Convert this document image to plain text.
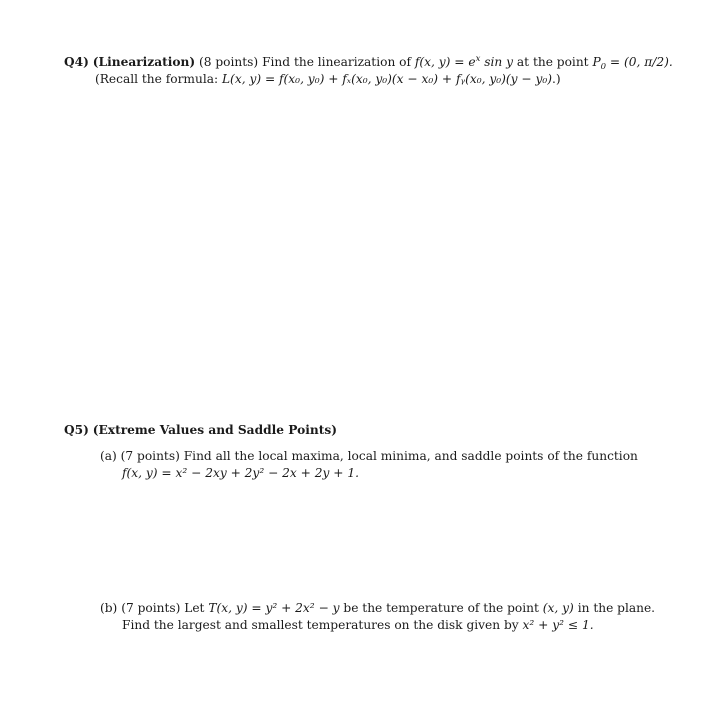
Q4) (Linearization) (8 points) Find the linearization of f(x, $y) = e^x$ sin y at the point $P_0 = (0$, π/2).
(Recall the formula: L(x, y) = f(x₀, y₀) + fₓ(x₀, y₀)(x − x₀) + fᵧ(x₀, y₀)(y − y₀).)
Q5) (Extreme Values and Saddle Points)
(a) (7 points) Find all the local maxima, local minima, and saddle points of the function
f(x, y) = x² − 2xy + 2y² − 2x + 2y + 1.
(b) (7 points) Let T(x, y) = y² + 2x² − y be the temperature of the point (x, y) in the plane.
Find the largest and smallest temperatures on the disk given by x² + y² ≤ 1.
